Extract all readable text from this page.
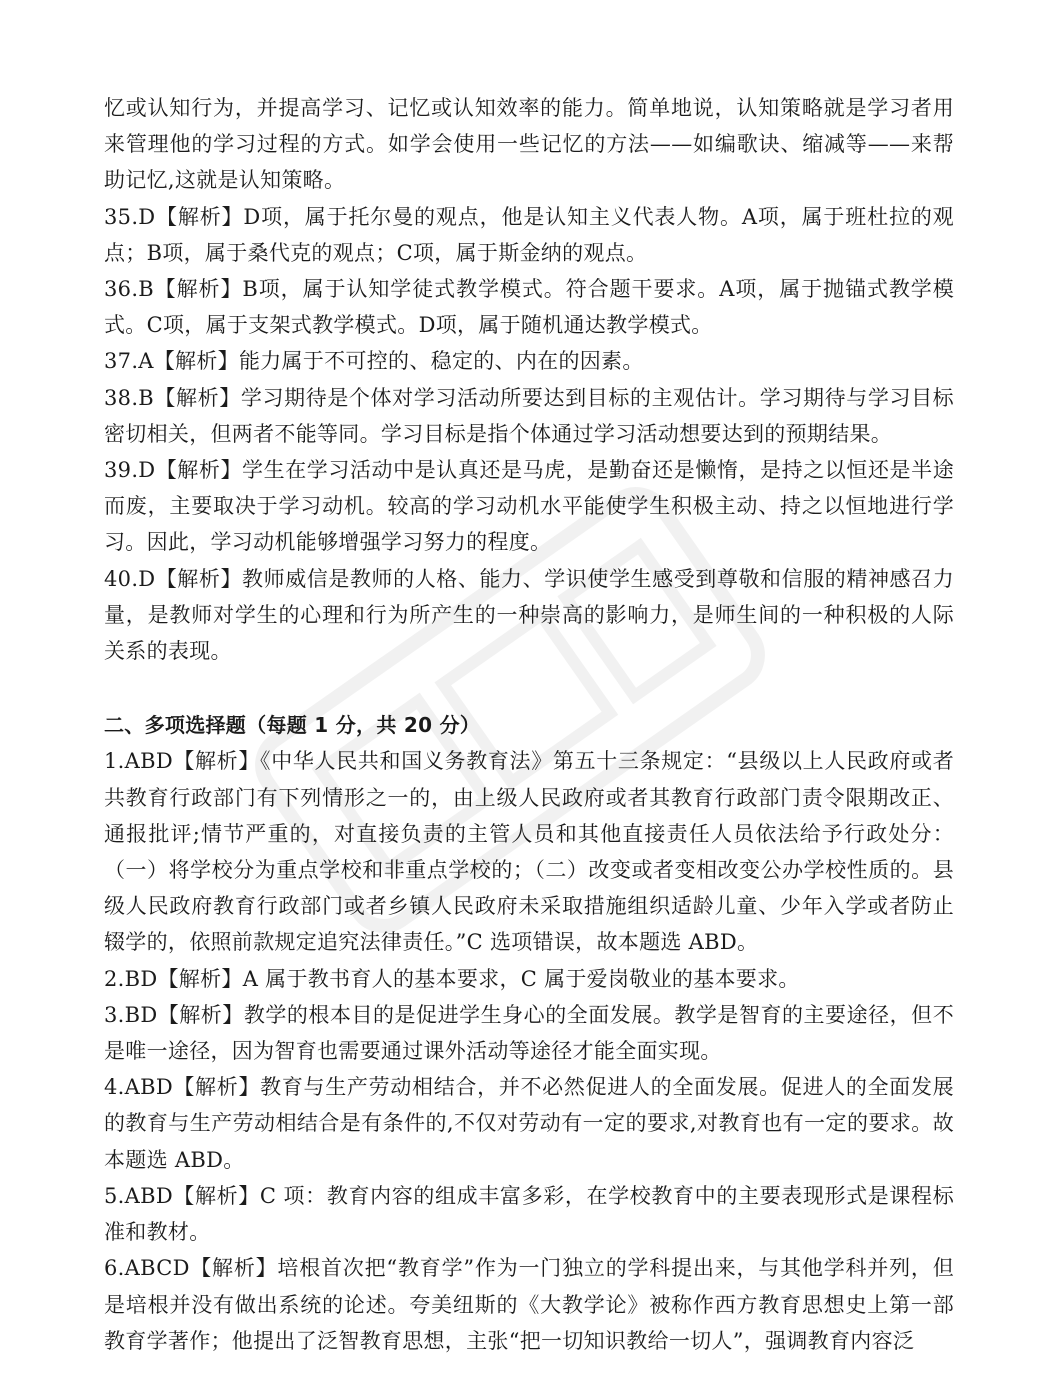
忆或认知行为，并提高学习、记忆或认知效率的能力。简单地说，认知策略就是学习者用来管理他的学习过程的方式。如学会使用一些记忆的方法——如编歌诀、缩减等——来帮助记忆,这就是认知策略。

35.D【解析】D项，属于托尔曼的观点，他是认知主义代表人物。A项，属于班杜拉的观点；B项，属于桑代克的观点；C项，属于斯金纳的观点。

36.B【解析】B项，属于认知学徒式教学模式。符合题干要求。A项，属于抛锚式教学模式。C项，属于支架式教学模式。D项，属于随机通达教学模式。

37.A【解析】能力属于不可控的、稳定的、内在的因素。

38.B【解析】学习期待是个体对学习活动所要达到目标的主观估计。学习期待与学习目标密切相关，但两者不能等同。学习目标是指个体通过学习活动想要达到的预期结果。

39.D【解析】学生在学习活动中是认真还是马虎，是勤奋还是懒惰，是持之以恒还是半途而废，主要取决于学习动机。较高的学习动机水平能使学生积极主动、持之以恒地进行学习。因此，学习动机能够增强学习努力的程度。

40.D【解析】教师威信是教师的人格、能力、学识使学生感受到尊敬和信服的精神感召力量，是教师对学生的心理和行为所产生的一种崇高的影响力，是师生间的一种积极的人际关系的表现。

二、多项选择题（每题 1 分，共 20 分）

1.ABD【解析】《中华人民共和国义务教育法》第五十三条规定：“县级以上人民政府或者共教育行政部门有下列情形之一的，由上级人民政府或者其教育行政部门责令限期改正、通报批评;情节严重的，对直接负责的主管人员和其他直接责任人员依法给予行政处分：（一）将学校分为重点学校和非重点学校的；（二）改变或者变相改变公办学校性质的。县级人民政府教育行政部门或者乡镇人民政府未采取措施组织适龄儿童、少年入学或者防止辍学的，依照前款规定追究法律责任。”C 选项错误，故本题选 ABD。

2.BD【解析】A 属于教书育人的基本要求，C 属于爱岗敬业的基本要求。

3.BD【解析】教学的根本目的是促进学生身心的全面发展。教学是智育的主要途径，但不是唯一途径，因为智育也需要通过课外活动等途径才能全面实现。

4.ABD【解析】教育与生产劳动相结合，并不必然促进人的全面发展。促进人的全面发展的教育与生产劳动相结合是有条件的,不仅对劳动有一定的要求,对教育也有一定的要求。故本题选 ABD。

5.ABD【解析】C 项：教育内容的组成丰富多彩，在学校教育中的主要表现形式是课程标准和教材。

6.ABCD【解析】培根首次把“教育学”作为一门独立的学科提出来，与其他学科并列，但是培根并没有做出系统的论述。夸美纽斯的《大教学论》被称作西方教育思想史上第一部教育学著作；他提出了泛智教育思想，主张“把一切知识教给一切人”，强调教育内容泛
